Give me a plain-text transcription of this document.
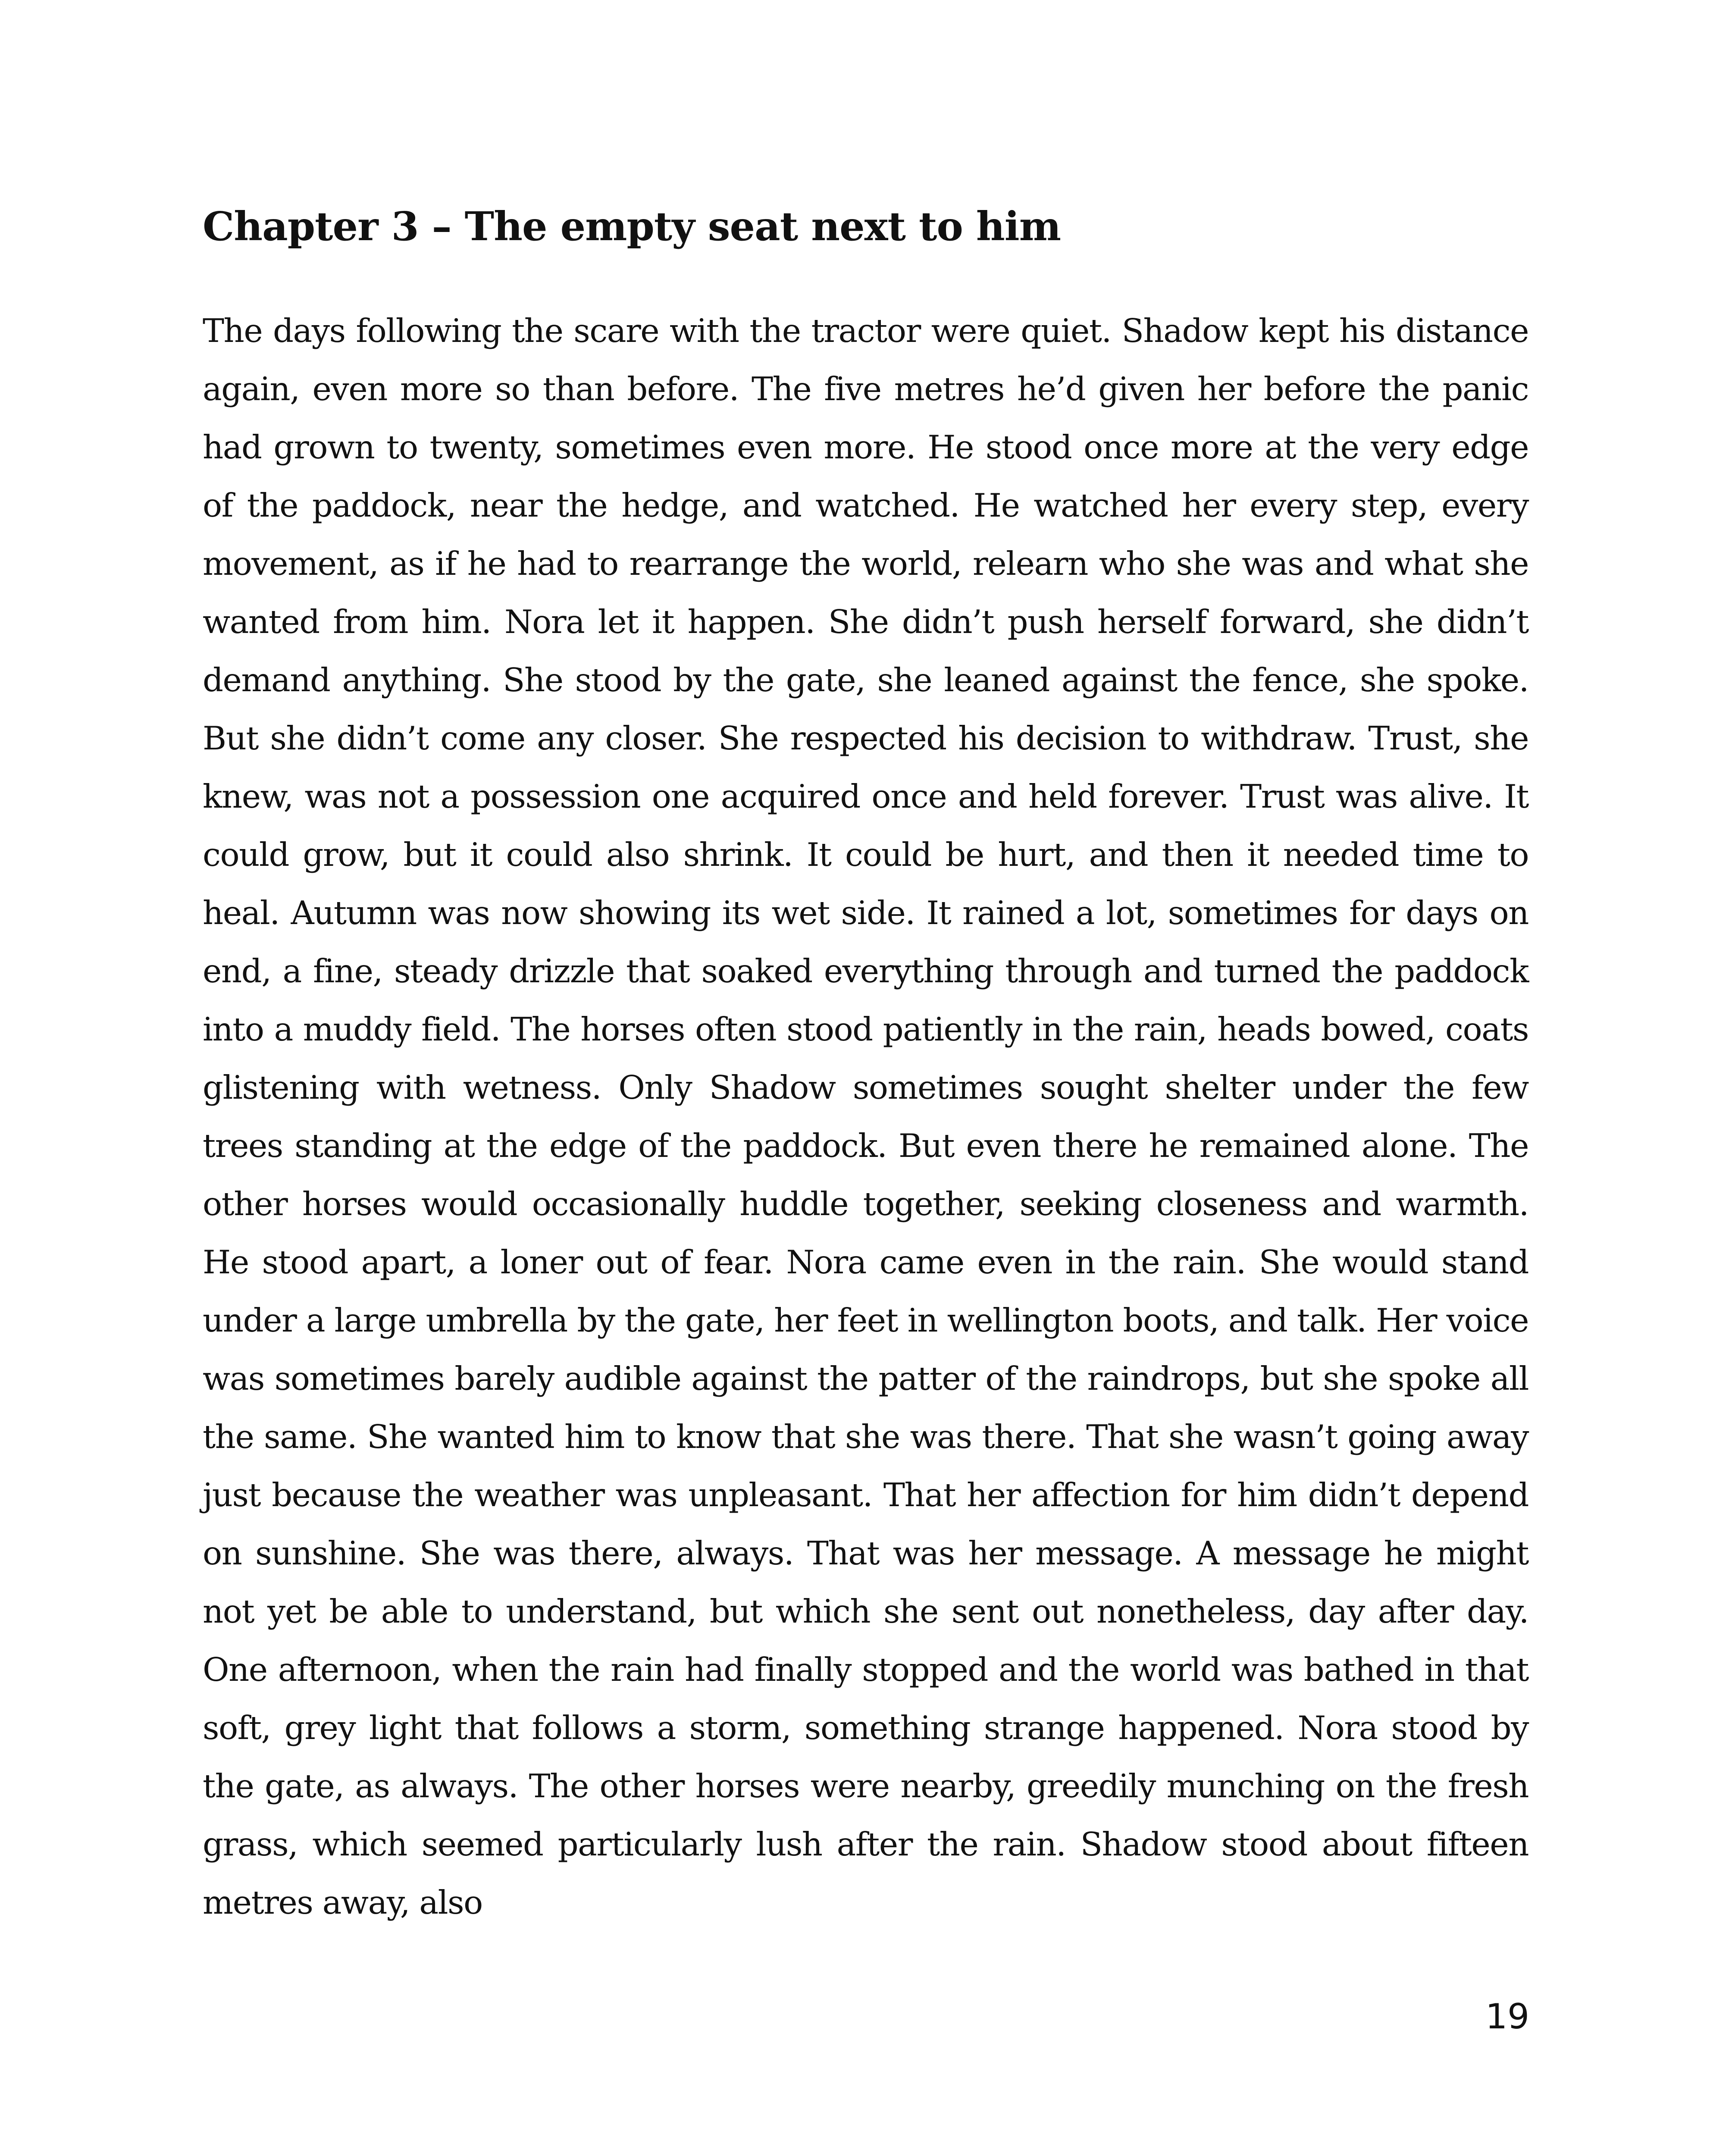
Chapter 3 – The empty seat next to him

The days following the scare with the tractor were quiet. Shadow kept his distance again, even more so than before. The five metres he’d given her before the panic had grown to twenty, sometimes even more. He stood once more at the very edge of the paddock, near the hedge, and watched. He watched her every step, every movement, as if he had to rearrange the world, relearn who she was and what she wanted from him. Nora let it happen. She didn’t push herself forward, she didn’t demand anything. She stood by the gate, she leaned against the fence, she spoke. But she didn’t come any closer. She respected his decision to withdraw. Trust, she knew, was not a possession one acquired once and held forever. Trust was alive. It could grow, but it could also shrink. It could be hurt, and then it needed time to heal. Autumn was now showing its wet side. It rained a lot, sometimes for days on end, a fine, steady drizzle that soaked everything through and turned the paddock into a muddy field. The horses often stood patiently in the rain, heads bowed, coats glistening with wetness. Only Shadow sometimes sought shelter under the few trees standing at the edge of the paddock. But even there he remained alone. The other horses would occasionally huddle together, seeking closeness and warmth. He stood apart, a loner out of fear. Nora came even in the rain. She would stand under a large umbrella by the gate, her feet in wellington boots, and talk. Her voice was sometimes barely audible against the patter of the raindrops, but she spoke all the same. She wanted him to know that she was there. That she wasn’t going away just because the weather was unpleasant. That her affection for him didn’t depend on sunshine. She was there, always. That was her message. A message he might not yet be able to understand, but which she sent out nonetheless, day after day. One afternoon, when the rain had finally stopped and the world was bathed in that soft, grey light that follows a storm, something strange happened. Nora stood by the gate, as always. The other horses were nearby, greedily munching on the fresh grass, which seemed particularly lush after the rain. Shadow stood about fifteen metres away, also

19
